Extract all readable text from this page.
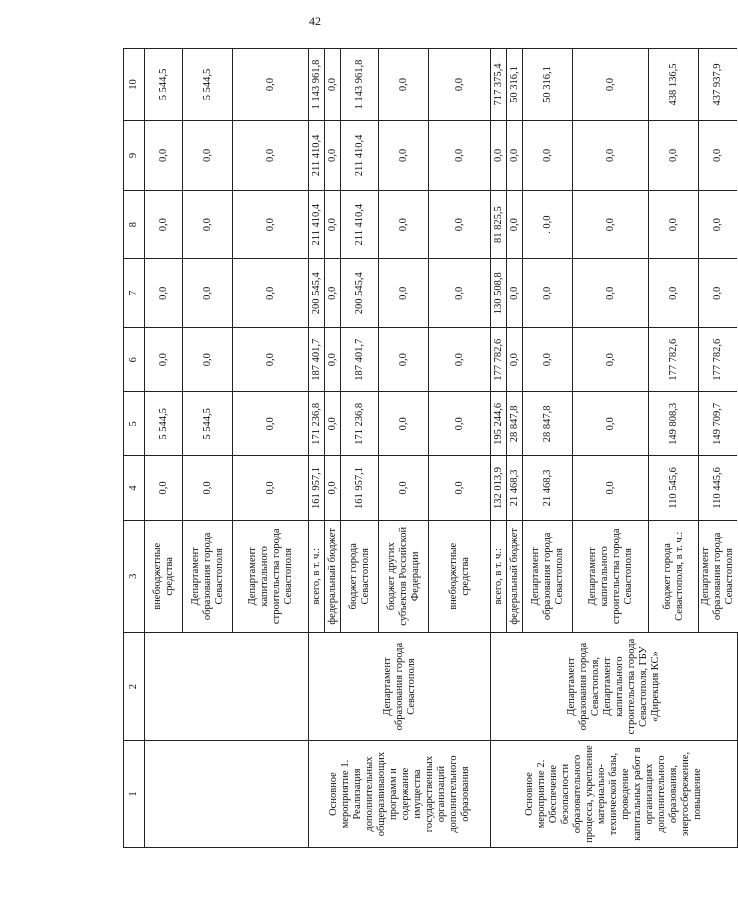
42
1	2	3	4	5	6	7	8	9	10
		внебюджетные средства	0,0	5 544,5	0,0	0,0	0,0	0,0	5 544,5
		Департамент образования города Севастополя	0,0	5 544,5	0,0	0,0	0,0	0,0	5 544,5
		Департамент капитального строительства города Севастополя	0,0	0,0	0,0	0,0	0,0	0,0	0,0
Основное мероприятие 1. Реализация дополнительных общеразвивающих программ и содержание имущества государственных организаций дополнительного образования	Департамент образования города Севастополя	всего, в т. ч.:	161 957,1	171 236,8	187 401,7	200 545,4	211 410,4	211 410,4	1 143 961,8
		федеральный бюджет	0,0	0,0	0,0	0,0	0,0	0,0	0,0
		бюджет города Севастополя	161 957,1	171 236,8	187 401,7	200 545,4	211 410,4	211 410,4	1 143 961,8
		бюджет других субъектов Российской Федерации	0,0	0,0	0,0	0,0	0,0	0,0	0,0
		внебюджетные средства	0,0	0,0	0,0	0,0	0,0	0,0	0,0
Основное мероприятие 2. Обеспечение безопасности образовательного процесса, укрепление материально-технической базы, проведение капитальных работ в организациях дополнительного образования, энергосбережение, повышение	Департамент образования города Севастополя, Департамент капитального строительства города Севастополя, ГБУ «Дирекция КС»	всего, в т. ч.:	132 013,9	195 244,6	177 782,6	130 508,8	81 825,5	0,0	717 375,4
		федеральный бюджет	21 468,3	28 847,8	0,0	0,0	0,0	0,0	50 316,1
		Департамент образования города Севастополя	21 468,3	28 847,8	0,0	0,0	. 0,0	0,0	50 316,1
		Департамент капитального строительства города Севастополя	0,0	0,0	0,0	0,0	0,0	0,0	0,0
		бюджет города Севастополя, в т. ч.:	110 545,6	149 808,3	177 782,6	0,0	0,0	0,0	438 136,5
		Департамент образования города Севастополя	110 445,6	149 709,7	177 782,6	0,0	0,0	0,0	437 937,9
